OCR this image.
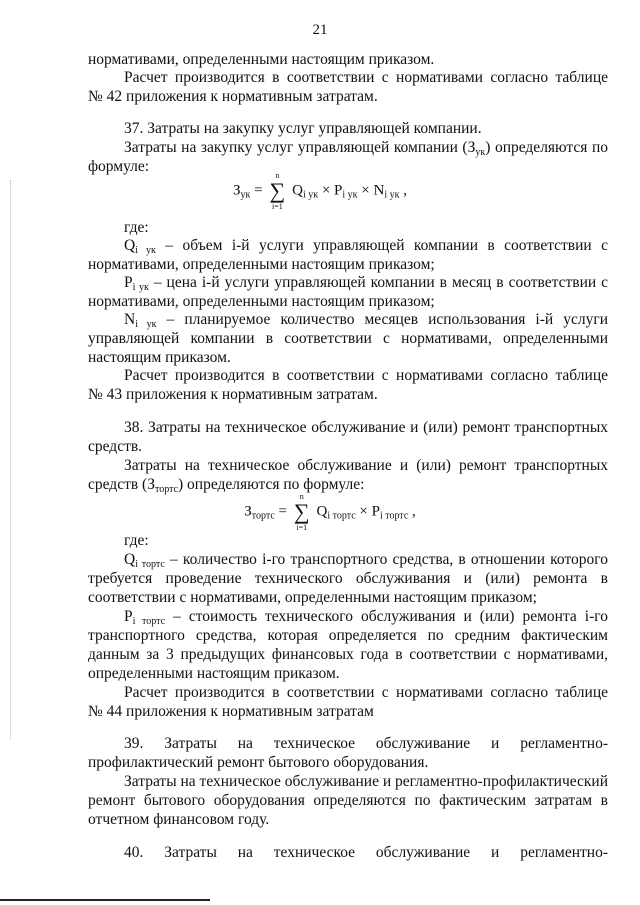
21

нормативами, определенными настоящим приказом.

Расчет производится в соответствии с нормативами согласно таблице

№ 42 приложения к нормативным затратам.

37. Затраты на закупку услуг управляющей компании.

Затраты на закупку услуг управляющей компании $(З_{ук})$ определяются по

формуле:

$З_{ук}$ =
n
∑
i=1
$Q_{i ук} \times P_{i ук} \times N_{i ук}$ ,

где:

$Q_{i ук}$ – объем i-й услуги управляющей компании в соответствии с

нормативами, определенными настоящим приказом;

$P_{i ук}$ – цена i-й услуги управляющей компании в месяц в соответствии с

нормативами, определенными настоящим приказом;

$N_{i ук}$ – планируемое количество месяцев использования i-й услуги

управляющей компании в соответствии с нормативами, определенными

настоящим приказом.

Расчет производится в соответствии с нормативами согласно таблице

№ 43 приложения к нормативным затратам.

38. Затраты на техническое обслуживание и (или) ремонт транспортных

средств.

Затраты на техническое обслуживание и (или) ремонт транспортных

средств $(З_{тортс})$ определяются по формуле:

$З_{тортс}$ =
n
∑
i=1
$Q_{i тортс} \times P_{i тортс}$ ,

где:

$Q_{i тортс}$ – количество i-го транспортного средства, в отношении которого

требуется проведение технического обслуживания и (или) ремонта в

соответствии с нормативами, определенными настоящим приказом;

$P_{i тортс}$ – стоимость технического обслуживания и (или) ремонта i-го

транспортного средства, которая определяется по средним фактическим

данным за 3 предыдущих финансовых года в соответствии с нормативами,

определенными настоящим приказом.

Расчет производится в соответствии с нормативами согласно таблице

№ 44 приложения к нормативным затратам

39. Затраты на техническое обслуживание и регламентно-

профилактический ремонт бытового оборудования.

Затраты на техническое обслуживание и регламентно-профилактический

ремонт бытового оборудования определяются по фактическим затратам в

отчетном финансовом году.

40. Затраты на техническое обслуживание и регламентно-
